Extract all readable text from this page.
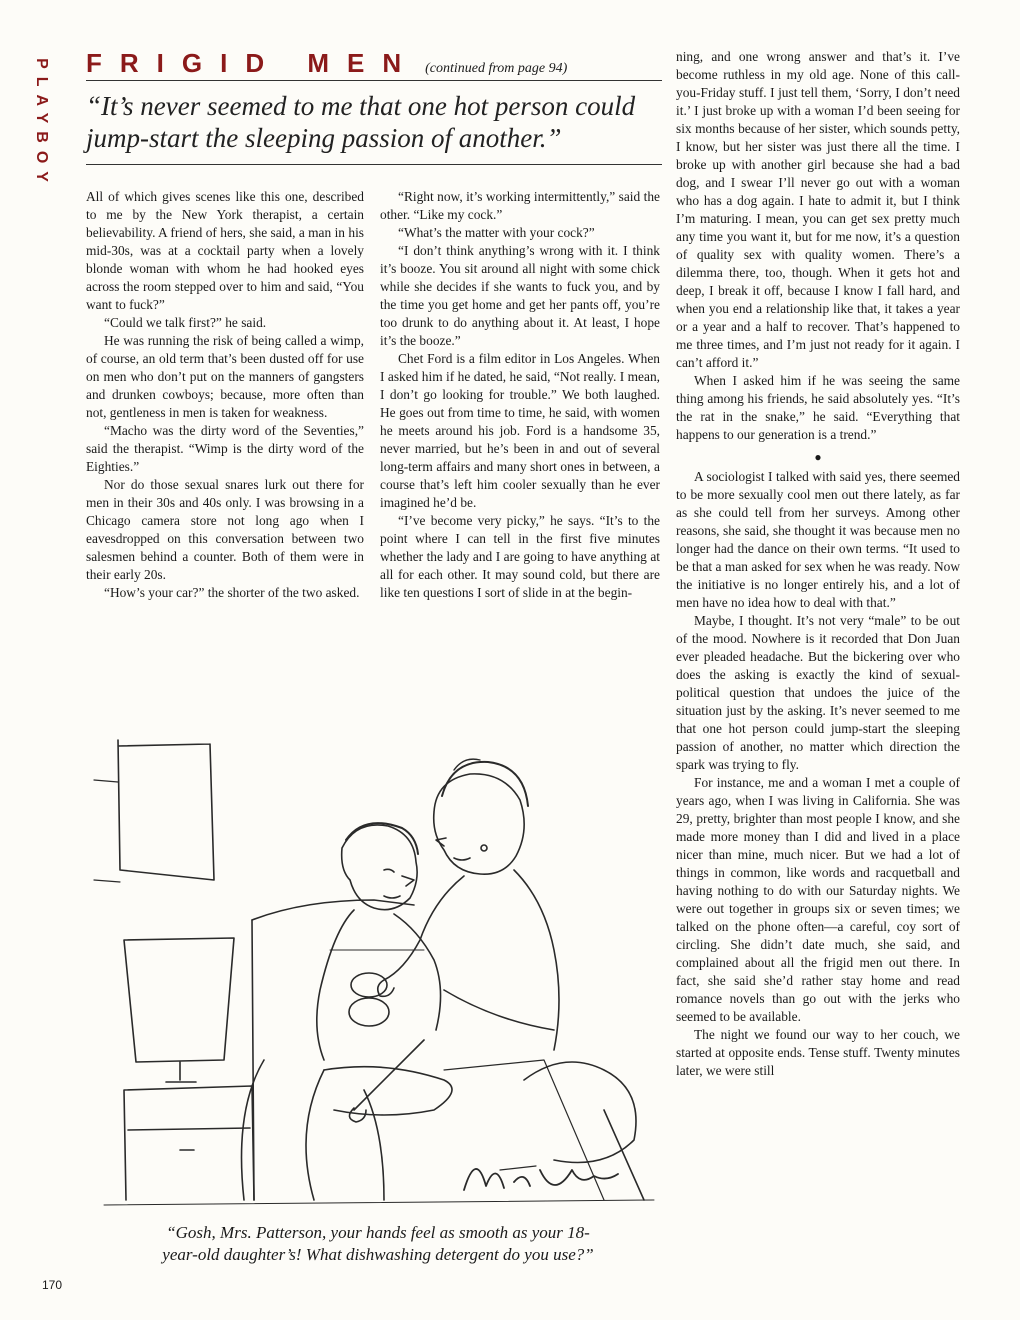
PLAYBOY FRIGID MEN (continued from page 94)
“It’s never seemed to me that one hot person could jump-start the sleeping passion of another.”

All of which gives scenes like this one, described to me by the New York therapist, a certain believability. A friend of hers, she said, a man in his mid-30s, was at a cocktail party when a lovely blonde woman with whom he had hooked eyes across the room stepped over to him and said, “You want to fuck?”

“Could we talk first?” he said.

He was running the risk of being called a wimp, of course, an old term that’s been dusted off for use on men who don’t put on the manners of gangsters and drunken cowboys; because, more often than not, gentleness in men is taken for weakness.

“Macho was the dirty word of the Seventies,” said the therapist. “Wimp is the dirty word of the Eighties.”

Nor do those sexual snares lurk out there for men in their 30s and 40s only. I was browsing in a Chicago camera store not long ago when I eavesdropped on this conversation between two salesmen behind a counter. Both of them were in their early 20s.

“How’s your car?” the shorter of the two asked.

“Right now, it’s working intermittently,” said the other. “Like my cock.”

“What’s the matter with your cock?”

“I don’t think anything’s wrong with it. I think it’s booze. You sit around all night with some chick while she decides if she wants to fuck you, and by the time you get home and get her pants off, you’re too drunk to do anything about it. At least, I hope it’s the booze.”

Chet Ford is a film editor in Los Angeles. When I asked him if he dated, he said, “Not really. I mean, I don’t go looking for trouble.” We both laughed. He goes out from time to time, he said, with women he meets around his job. Ford is a handsome 35, never married, but he’s been in and out of several long-term affairs and many short ones in between, a course that’s left him cooler sexually than he ever imagined he’d be.

“I’ve become very picky,” he says. “It’s to the point where I can tell in the first five minutes whether the lady and I are going to have anything at all for each other. It may sound cold, but there are like ten questions I sort of slide in at the begin-

ning, and one wrong answer and that’s it. I’ve become ruthless in my old age. None of this call-you-Friday stuff. I just tell them, ‘Sorry, I don’t need it.’ I just broke up with a woman I’d been seeing for six months because of her sister, which sounds petty, I know, but her sister was just there all the time. I broke up with another girl because she had a bad dog, and I swear I’ll never go out with a woman who has a dog again. I hate to admit it, but I think I’m maturing. I mean, you can get sex pretty much any time you want it, but for me now, it’s a question of quality sex with quality women. There’s a dilemma there, too, though. When it gets hot and deep, I break it off, because I know I fall hard, and when you end a relationship like that, it takes a year or a year and a half to recover. That’s happened to me three times, and I’m just not ready for it again. I can’t afford it.”

When I asked him if he was seeing the same thing among his friends, he said absolutely yes. “It’s the rat in the snake,” he said. “Everything that happens to our generation is a trend.”

●

A sociologist I talked with said yes, there seemed to be more sexually cool men out there lately, as far as she could tell from her surveys. Among other reasons, she said, she thought it was because men no longer had the dance on their own terms. “It used to be that a man asked for sex when he was ready. Now the initiative is no longer entirely his, and a lot of men have no idea how to deal with that.”

Maybe, I thought. It’s not very “male” to be out of the mood. Nowhere is it recorded that Don Juan ever pleaded headache. But the bickering over who does the asking is exactly the kind of sexual-political question that undoes the juice of the situation just by the asking. It’s never seemed to me that one hot person could jump-start the sleeping passion of another, no matter which direction the spark was trying to fly.

For instance, me and a woman I met a couple of years ago, when I was living in California. She was 29, pretty, brighter than most people I know, and she made more money than I did and lived in a place nicer than mine, much nicer. But we had a lot of things in common, like words and racquetball and having nothing to do with our Saturday nights. We were out together in groups six or seven times; we talked on the phone often—a careful, coy sort of circling. She didn’t date much, she said, and complained about all the frigid men out there. In fact, she said she’d rather stay home and read romance novels than go out with the jerks who seemed to be available.

The night we found our way to her couch, we started at opposite ends. Tense stuff. Twenty minutes later, we were still

“Gosh, Mrs. Patterson, your hands feel as smooth as your 18-year-old daughter’s! What dishwashing detergent do you use?”
170
